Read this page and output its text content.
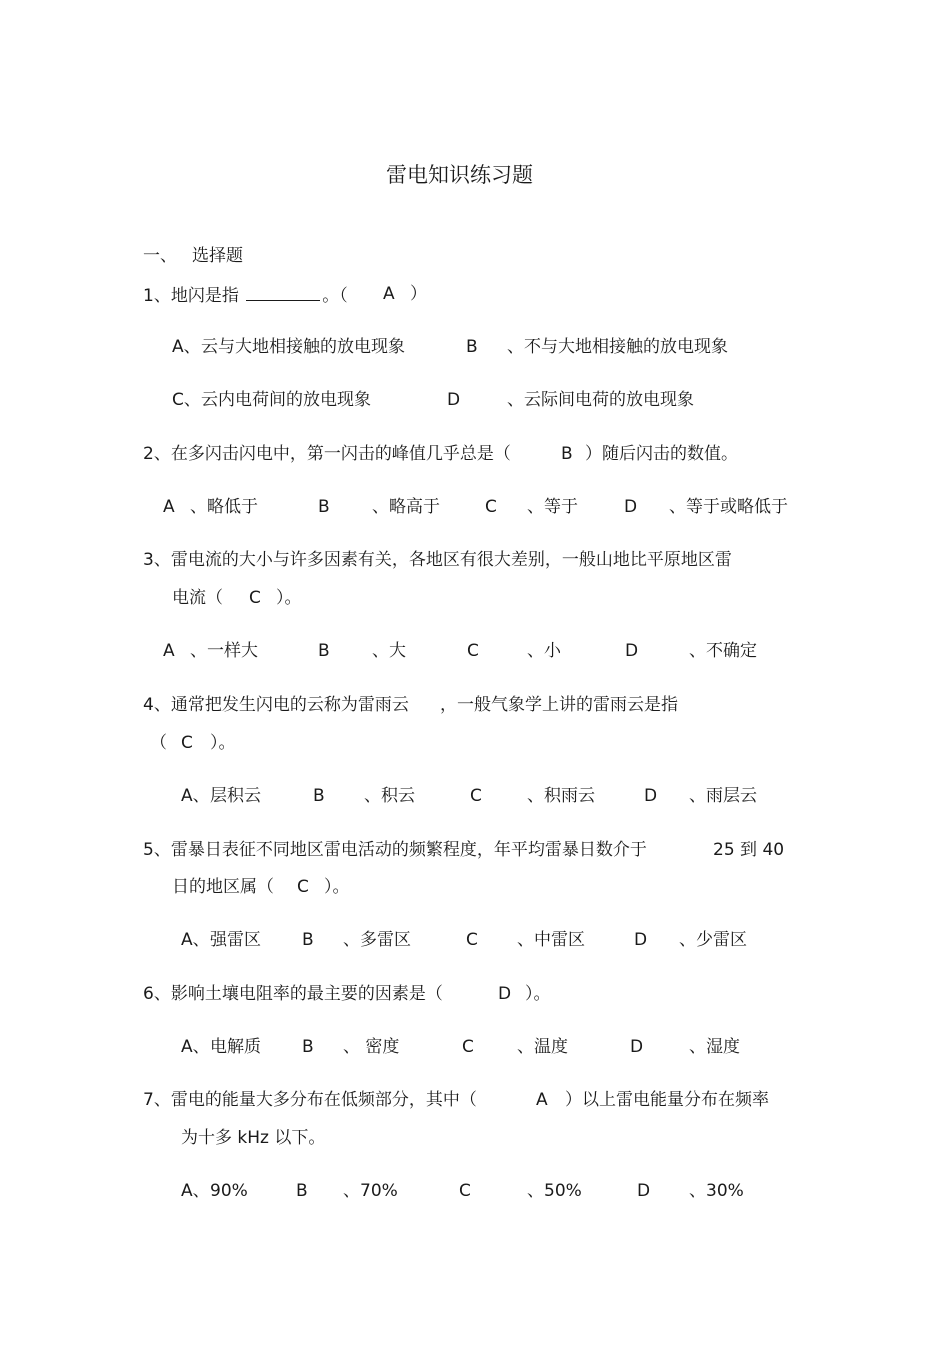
雷电知识练习题
一、 选择题
1、地闪是指	。（ A ）
A、 云与大地相接触的放电现象	B 、不与大地相接触的放电现象
C、 云内电荷间的放电现象	D	、云际间电荷的放电现象
2、在多闪击闪电中，第一闪击的峰值几乎总是（	B ）随后闪击的数值。
A 、略低于	B 、略高于	C 、等于	D 、等于或略低于
3、雷电流的大小与许多因素有关，各地区有很大差别，一般山地比平原地区雷
电流（ C ）。
A 、一样大	B 、大	C	、小	D	、不确定
4、通常把发生闪电的云称为雷雨云 ，一般气象学上讲的雷雨云是指
（ C ）。
A、 层积云	B 、积云	C	、积雨云	D 、雨层云
5、雷暴日表征不同地区雷电活动的频繁程度，年平均雷暴日数介于	25 到 40
日的地区属（ C ）。
A、 强雷区 B 、多雷区	C 、中雷区	D 、少雷区
6、影响土壤电阻率的最主要的因素是（	D ）。
A、 电解质 B 、 密度	C	、温度	D	、湿度
7、雷电的能量大多分布在低频部分，其中（	A ）以上雷电能量分布在频率
为十多 kHz 以下。
A、 90%	B 、70%	C	、50%	D 、30%
